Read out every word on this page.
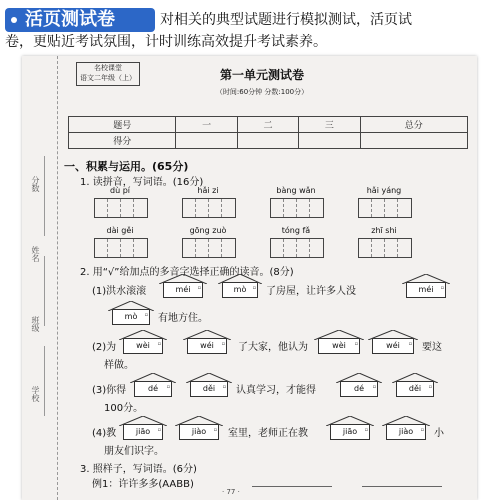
活页测试卷	对相关的典型试题进行模拟测试，活页试
卷，更贴近考试氛围，计时训练高效提升考试素养。
学校
班级
姓名
分数
名校课堂
语文二年级（上）	第一单元测试卷
（时间:60分钟 分数:100分）
题号	一	二	三	总分
得分				
一、积累与运用。(65分)
1. 读拼音，写词语。(16分)
dù pí	hǎi zi	bàng wǎn	hǎi yáng
dài gěi	gōng zuò	tóng fǎ	zhī shi
2. 用“√”给加点的多音字选择正确的读音。(8分)
(1)洪水滚滚	méi	▫	mò	▫ 了房屋，让许多人没	méi	▫
mò	▫ 有地方住。
(2)为	wèi	▫	wéi	▫ 了大家，他认为	wèi	▫	wéi	▫ 要这
样做。
(3)你得	dé	▫	děi	▫ 认真学习，才能得	dé	▫	děi	▫
100分。
(4)教	jiāo	▫	jiào	▫ 室里，老师正在教	jiāo	▫	jiào	▫ 小
朋友们识字。
3. 照样子，写词语。(6分)
例1：许许多多(AABB)
· 77 ·
